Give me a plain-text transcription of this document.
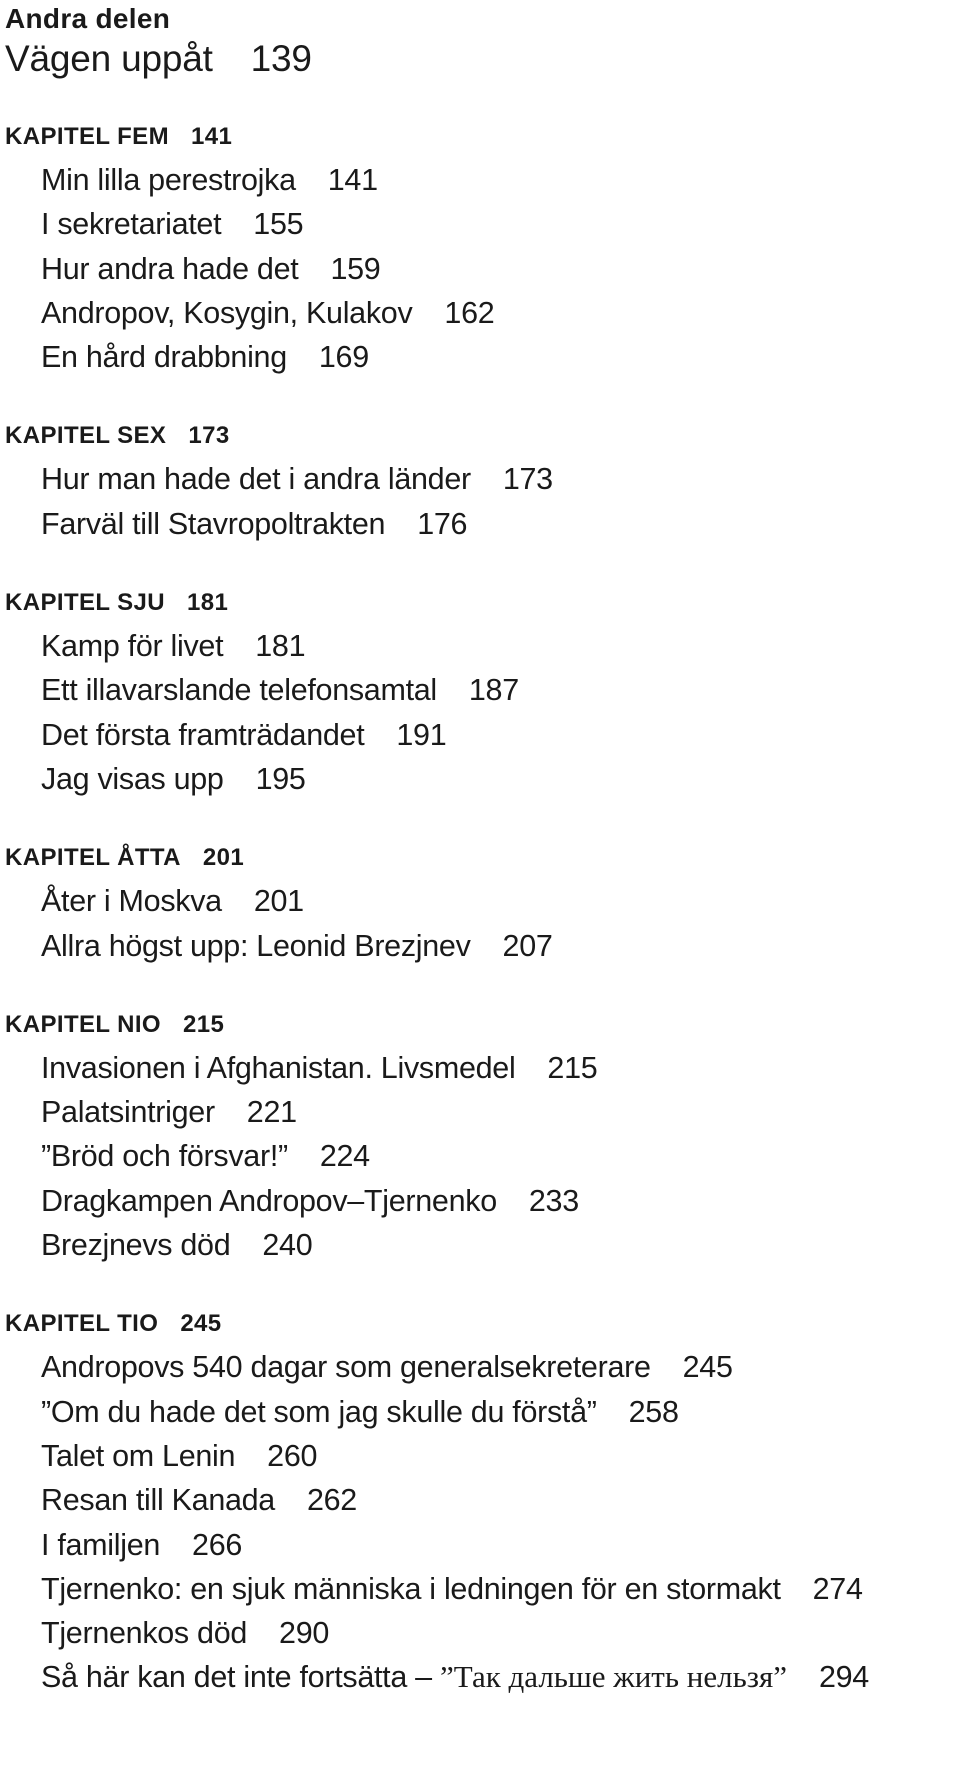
Andra delen
Vägen uppåt 139
KAPITEL FEM 141
Min lilla perestrojka 141
I sekretariatet 155
Hur andra hade det 159
Andropov, Kosygin, Kulakov 162
En hård drabbning 169
KAPITEL SEX 173
Hur man hade det i andra länder 173
Farväl till Stavropoltrakten 176
KAPITEL SJU 181
Kamp för livet 181
Ett illavarslande telefonsamtal 187
Det första framträdandet 191
Jag visas upp 195
KAPITEL ÅTTA 201
Åter i Moskva 201
Allra högst upp: Leonid Brezjnev 207
KAPITEL NIO 215
Invasionen i Afghanistan. Livsmedel 215
Palatsintriger 221
”Bröd och försvar!” 224
Dragkampen Andropov–Tjernenko 233
Brezjnevs död 240
KAPITEL TIO 245
Andropovs 540 dagar som generalsekreterare 245
”Om du hade det som jag skulle du förstå” 258
Talet om Lenin 260
Resan till Kanada 262
I familjen 266
Tjernenko: en sjuk människa i ledningen för en stormakt 274
Tjernenkos död 290
Så här kan det inte fortsätta – ”Так дальше жить нельзя” 294
